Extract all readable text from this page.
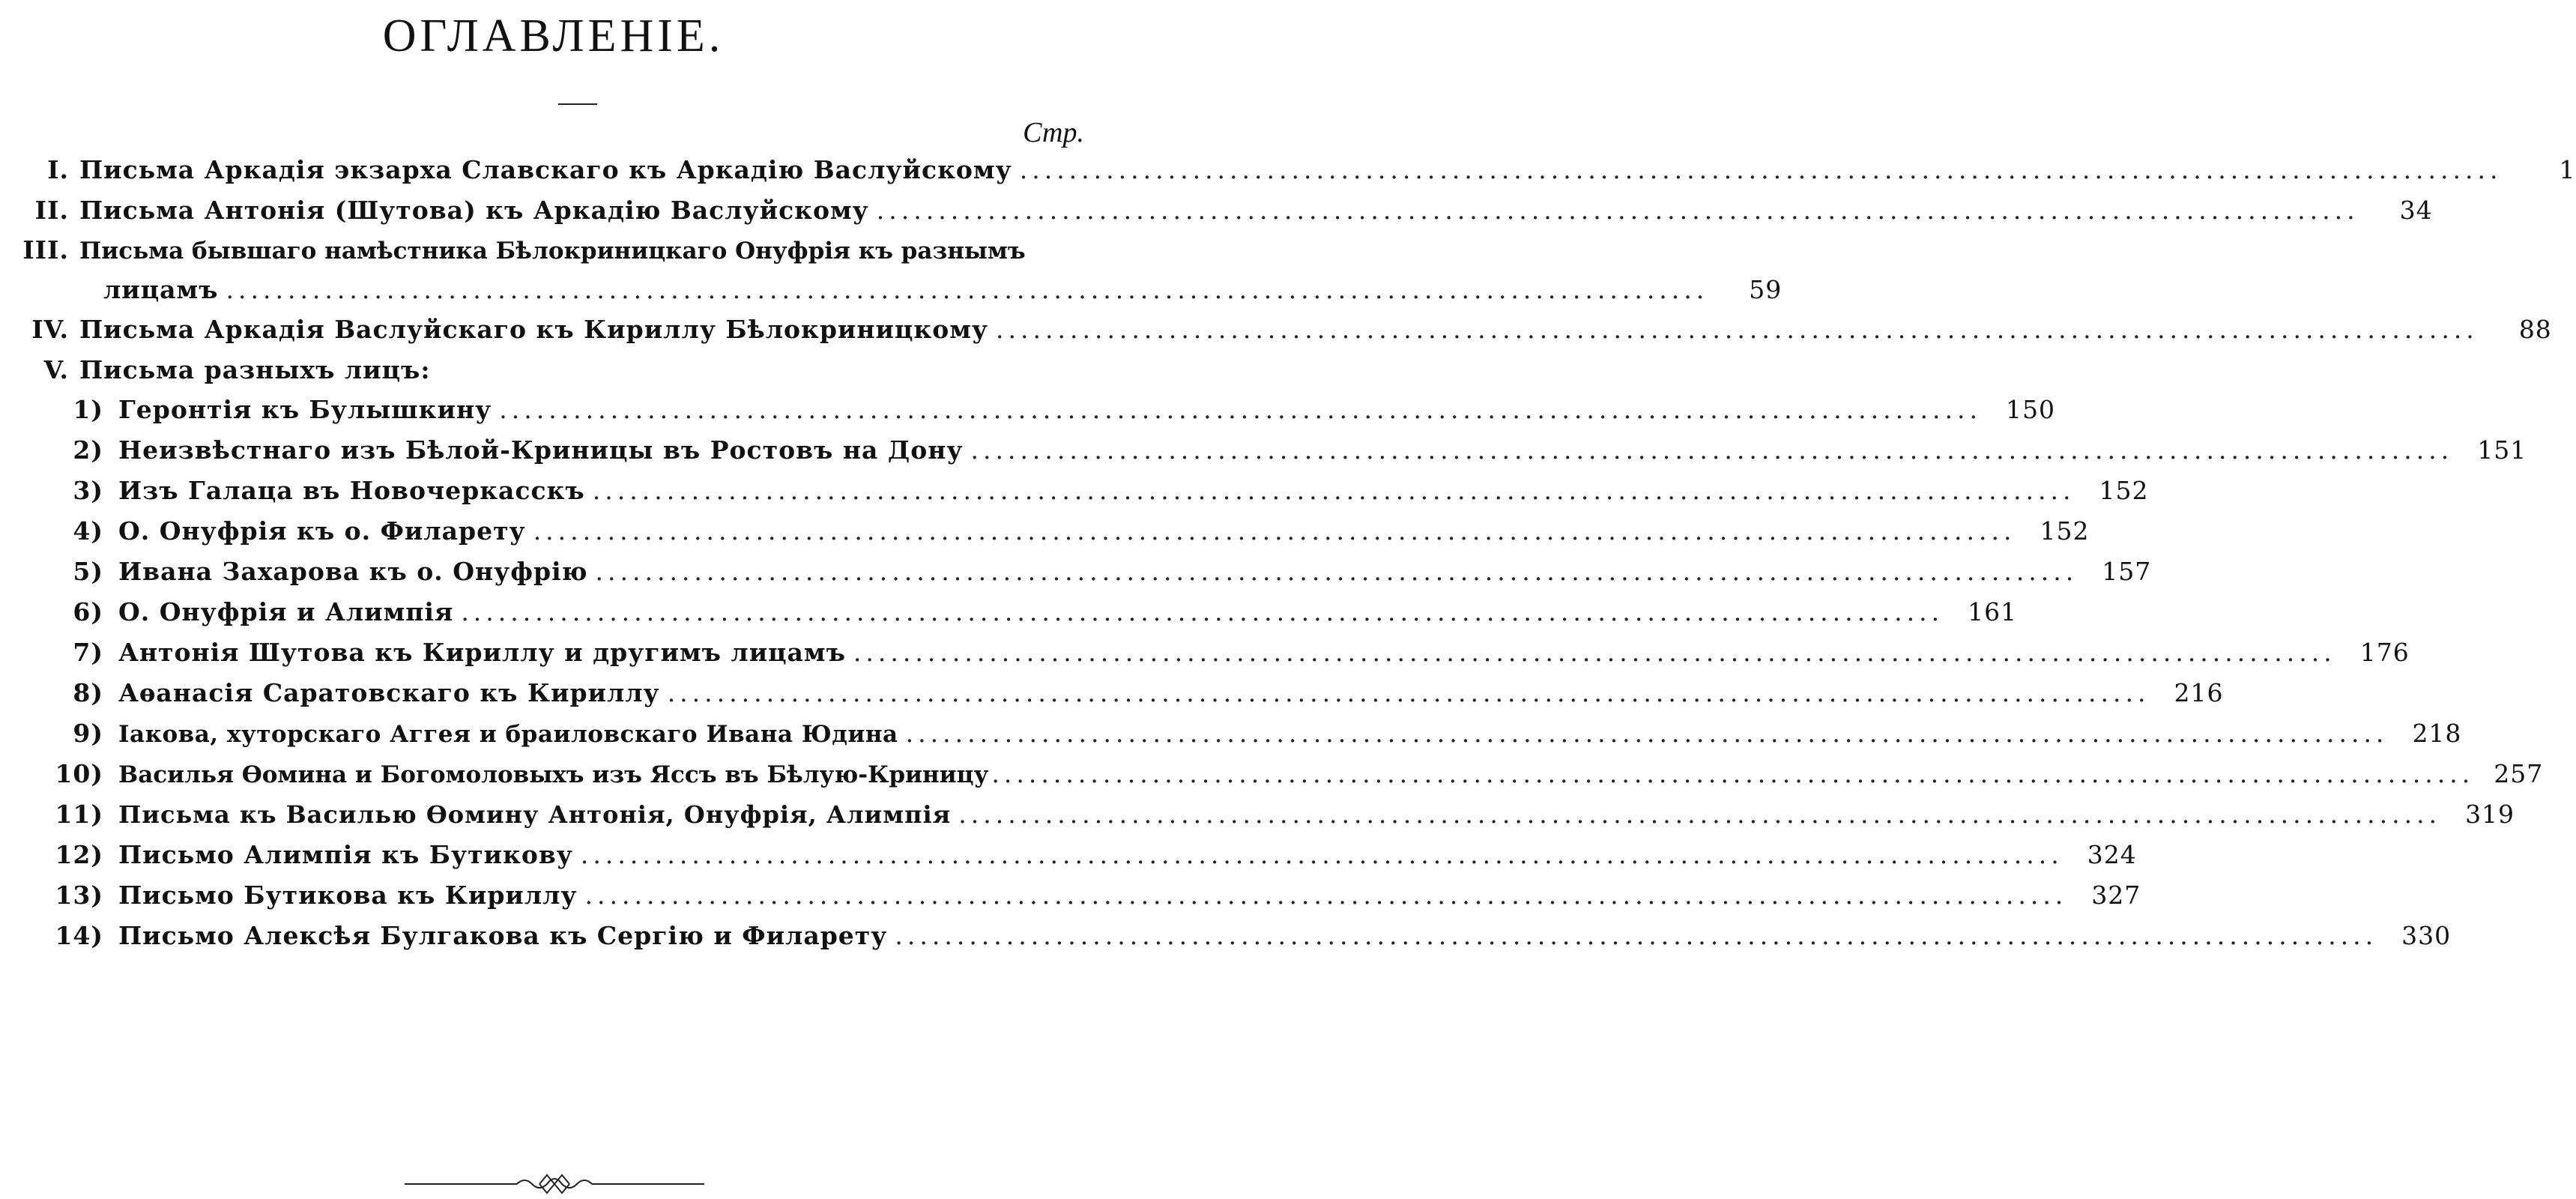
ОГЛАВЛЕНІЕ.
Стр.
I. Письма Аркадія экзарха Славскаго къ Аркадію Васлуйскому ........................................................................................................................	1
II. Письма Антонія (Шутова) къ Аркадію Васлуйскому ........................................................................................................................	34
III. Письма бывшаго намѣстника Бѣлокриницкаго Онуфрія къ разнымъ
лицамъ ........................................................................................................................	59
IV. Письма Аркадія Васлуйскаго къ Кириллу Бѣлокриницкому ........................................................................................................................	88
V. Письма разныхъ лицъ:
1) Геронтія къ Булышкину ........................................................................................................................ 150
2) Неизвѣстнаго изъ Бѣлой-Криницы въ Ростовъ на Дону ........................................................................................................................ 151
3) Изъ Галаца въ Новочеркасскъ ........................................................................................................................ 152
4) О. Онуфрія къ о. Филарету ........................................................................................................................ 152
5) Ивана Захарова къ о. Онуфрію ........................................................................................................................ 157
6) О. Онуфрія и Алимпія ........................................................................................................................ 161
7) Антонія Шутова къ Кириллу и другимъ лицамъ ........................................................................................................................ 176
8) Аѳанасія Саратовскаго къ Кириллу ........................................................................................................................ 216
9) Іакова, хуторскаго Аггея и браиловскаго Ивана Юдина ........................................................................................................................ 218
10) Василья Ѳомина и Богомоловыхъ изъ Яссъ въ Бѣлую-Криницу ........................................................................................................................ 257
11) Письма къ Василью Ѳомину Антонія, Онуфрія, Алимпія ........................................................................................................................ 319
12) Письмо Алимпія къ Бутикову ........................................................................................................................ 324
13) Письмо Бутикова къ Кириллу ........................................................................................................................ 327
14) Письмо Алексѣя Булгакова къ Сергію и Филарету ........................................................................................................................ 330
